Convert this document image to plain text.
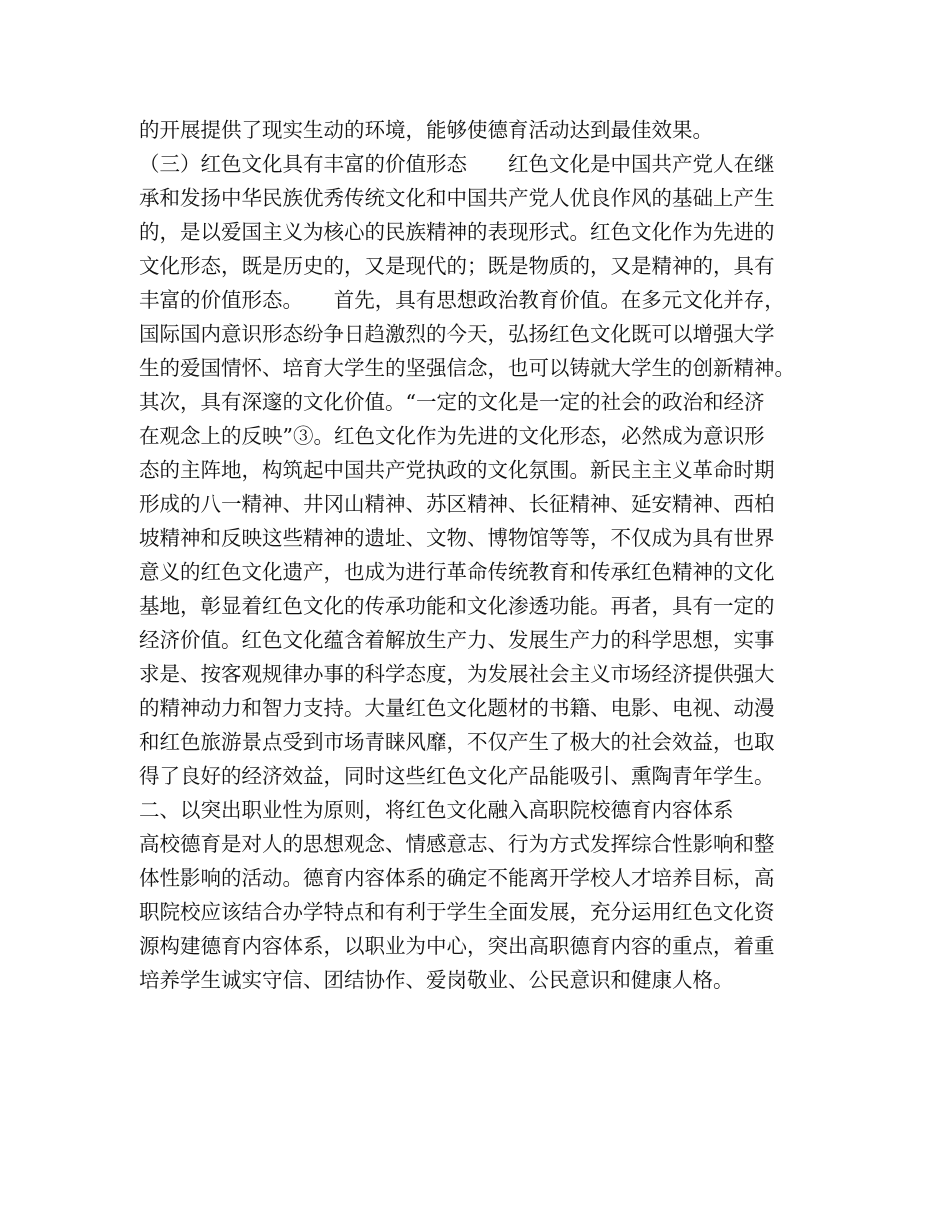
的开展提供了现实生动的环境，能够使德育活动达到最佳效果。
（三）红色文化具有丰富的价值形态　　红色文化是中国共产党人在继
承和发扬中华民族优秀传统文化和中国共产党人优良作风的基础上产生
的，是以爱国主义为核心的民族精神的表现形式。红色文化作为先进的
文化形态，既是历史的，又是现代的；既是物质的，又是精神的，具有
丰富的价值形态。　　首先，具有思想政治教育价值。在多元文化并存，
国际国内意识形态纷争日趋激烈的今天，弘扬红色文化既可以增强大学
生的爱国情怀、培育大学生的坚强信念，也可以铸就大学生的创新精神。
其次，具有深邃的文化价值。“一定的文化是一定的社会的政治和经济
在观念上的反映”③。红色文化作为先进的文化形态，必然成为意识形
态的主阵地，构筑起中国共产党执政的文化氛围。新民主主义革命时期
形成的八一精神、井冈山精神、苏区精神、长征精神、延安精神、西柏
坡精神和反映这些精神的遗址、文物、博物馆等等，不仅成为具有世界
意义的红色文化遗产，也成为进行革命传统教育和传承红色精神的文化
基地，彰显着红色文化的传承功能和文化渗透功能。再者，具有一定的
经济价值。红色文化蕴含着解放生产力、发展生产力的科学思想，实事
求是、按客观规律办事的科学态度，为发展社会主义市场经济提供强大
的精神动力和智力支持。大量红色文化题材的书籍、电影、电视、动漫
和红色旅游景点受到市场青睐风靡，不仅产生了极大的社会效益，也取
得了良好的经济效益，同时这些红色文化产品能吸引、熏陶青年学生。
二、以突出职业性为原则，将红色文化融入高职院校德育内容体系
高校德育是对人的思想观念、情感意志、行为方式发挥综合性影响和整
体性影响的活动。德育内容体系的确定不能离开学校人才培养目标，高
职院校应该结合办学特点和有利于学生全面发展，充分运用红色文化资
源构建德育内容体系，以职业为中心，突出高职德育内容的重点，着重
培养学生诚实守信、团结协作、爱岗敬业、公民意识和健康人格。
